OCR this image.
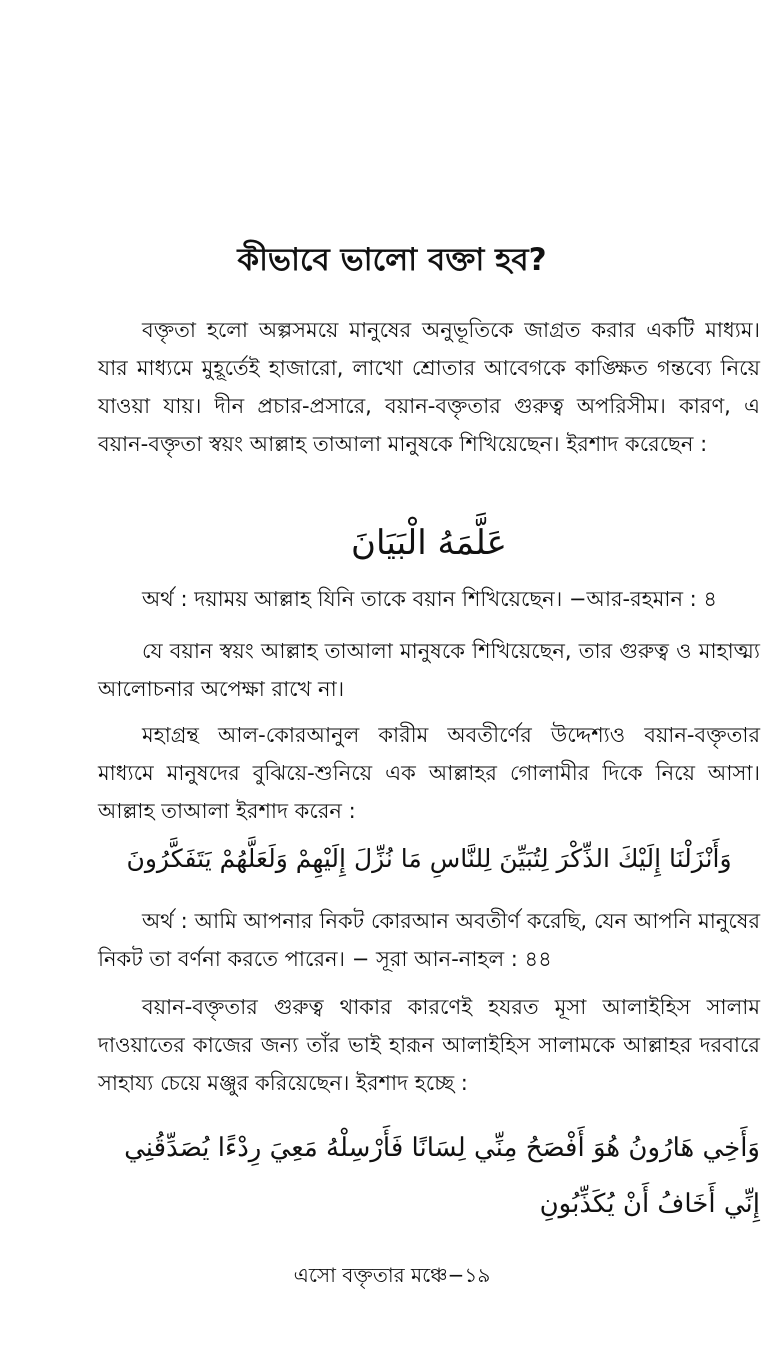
কীভাবে ভালো বক্তা হব?

বক্তৃতা হলো অল্পসময়ে মানুষের অনুভূতিকে জাগ্রত করার একটি মাধ্যম। যার মাধ্যমে মুহূর্তেই হাজারো, লাখো শ্রোতার আবেগকে কাঙ্ক্ষিত গন্তব্যে নিয়ে যাওয়া যায়। দীন প্রচার-প্রসারে, বয়ান-বক্তৃতার গুরুত্ব অপরিসীম। কারণ, এ বয়ান-বক্তৃতা স্বয়ং আল্লাহ তাআলা মানুষকে শিখিয়েছেন। ইরশাদ করেছেন :

عَلَّمَهُ الْبَيَانَ

অর্থ : দয়াময় আল্লাহ যিনি তাকে বয়ান শিখিয়েছেন। −আর-রহমান : ৪

যে বয়ান স্বয়ং আল্লাহ তাআলা মানুষকে শিখিয়েছেন, তার গুরুত্ব ও মাহাত্ম্য আলোচনার অপেক্ষা রাখে না।

মহাগ্রন্থ আল-কোরআনুল কারীম অবতীর্ণের উদ্দেশ্যও বয়ান-বক্তৃতার মাধ্যমে মানুষদের বুঝিয়ে-শুনিয়ে এক আল্লাহর গোলামীর দিকে নিয়ে আসা। আল্লাহ তাআলা ইরশাদ করেন :

وَأَنْزَلْنَا إِلَيْكَ الذِّكْرَ لِتُبَيِّنَ لِلنَّاسِ مَا نُزِّلَ إِلَيْهِمْ وَلَعَلَّهُمْ يَتَفَكَّرُونَ

অর্থ : আমি আপনার নিকট কোরআন অবতীর্ণ করেছি, যেন আপনি মানুষের নিকট তা বর্ণনা করতে পারেন। − সূরা আন-নাহল : ৪৪

বয়ান-বক্তৃতার গুরুত্ব থাকার কারণেই হযরত মূসা আলাইহিস সালাম দাওয়াতের কাজের জন্য তাঁর ভাই হারূন আলাইহিস সালামকে আল্লাহর দরবারে সাহায্য চেয়ে মঞ্জুর করিয়েছেন। ইরশাদ হচ্ছে :

وَأَخِي هَارُونُ هُوَ أَفْصَحُ مِنِّي لِسَانًا فَأَرْسِلْهُ مَعِيَ رِدْءًا يُصَدِّقُنِي إِنِّي أَخَافُ أَنْ يُكَذِّبُونِ

এসো বক্তৃতার মঞ্চে−১৯
